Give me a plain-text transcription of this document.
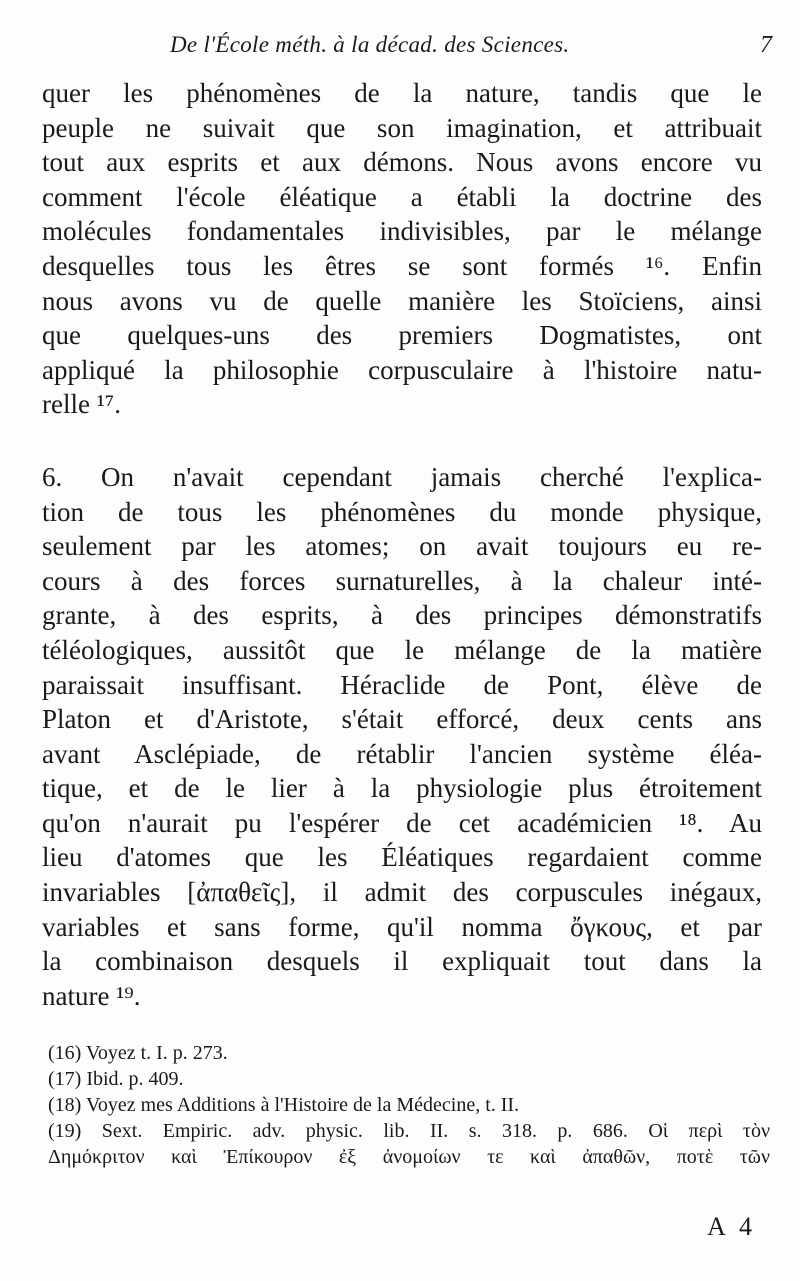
De l'École méth. à la décad. des Sciences.	7
quer les phénomènes de la nature, tandis que le
peuple ne suivait que son imagination, et attribuait
tout aux esprits et aux démons. Nous avons encore vu
comment l'école éléatique a établi la doctrine des
molécules fondamentales indivisibles, par le mélange
desquelles tous les êtres se sont formés ¹⁶. Enfin
nous avons vu de quelle manière les Stoïciens, ainsi
que quelques-uns des premiers Dogmatistes, ont
appliqué la philosophie corpusculaire à l'histoire natu-
relle ¹⁷.
6. On n'avait cependant jamais cherché l'explica-
tion de tous les phénomènes du monde physique,
seulement par les atomes; on avait toujours eu re-
cours à des forces surnaturelles, à la chaleur inté-
grante, à des esprits, à des principes démonstratifs
téléologiques, aussitôt que le mélange de la matière
paraissait insuffisant. Héraclide de Pont, élève de
Platon et d'Aristote, s'était efforcé, deux cents ans
avant Asclépiade, de rétablir l'ancien système éléa-
tique, et de le lier à la physiologie plus étroitement
qu'on n'aurait pu l'espérer de cet académicien ¹⁸. Au
lieu d'atomes que les Éléatiques regardaient comme
invariables [ἀπαθεῖς], il admit des corpuscules inégaux,
variables et sans forme, qu'il nomma ὄγκους, et par
la combinaison desquels il expliquait tout dans la
nature ¹⁹.
(16) Voyez t. I. p. 273.
(17) Ibid. p. 409.
(18) Voyez mes Additions à l'Histoire de la Médecine, t. II.
(19) Sext. Empiric. adv. physic. lib. II. s. 318. p. 686. Οἱ περὶ τὸν
Δημόκριτον καὶ Ἐπίκουρον ἐξ ἀνομοίων τε καὶ ἀπαθῶν, ποτὲ τῶν
A 4
